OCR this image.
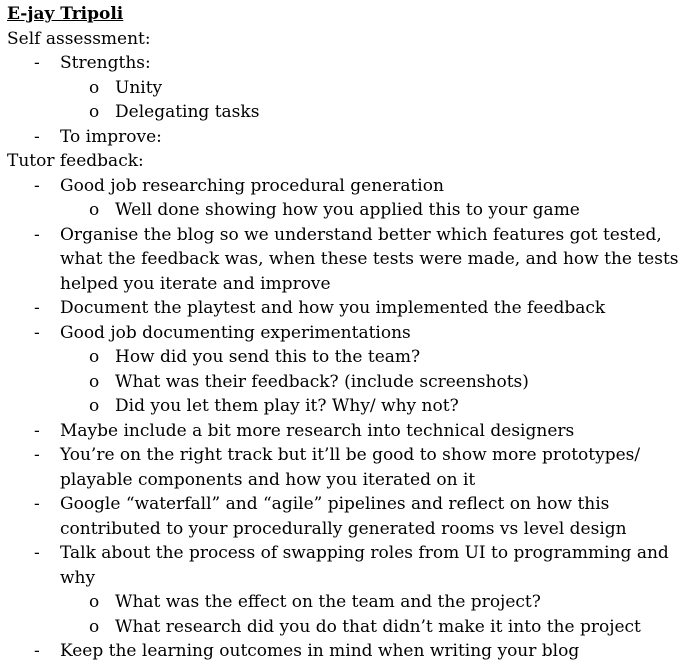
E-jay Tripoli
Self assessment:
-	Strengths:
o Unity
o Delegating tasks
-	To improve:
Tutor feedback:
-	Good job researching procedural generation
o Well done showing how you applied this to your game
-	Organise the blog so we understand better which features got tested, what the feedback was, when these tests were made, and how the tests helped you iterate and improve
-	Document the playtest and how you implemented the feedback
-	Good job documenting experimentations
o How did you send this to the team?
o What was their feedback? (include screenshots)
o Did you let them play it? Why/ why not?
-	Maybe include a bit more research into technical designers
-	You’re on the right track but it’ll be good to show more prototypes/ playable components and how you iterated on it
-	Google “waterfall” and “agile” pipelines and reflect on how this contributed to your procedurally generated rooms vs level design
-	Talk about the process of swapping roles from UI to programming and why
o What was the effect on the team and the project?
o What research did you do that didn’t make it into the project
-	Keep the learning outcomes in mind when writing your blog
